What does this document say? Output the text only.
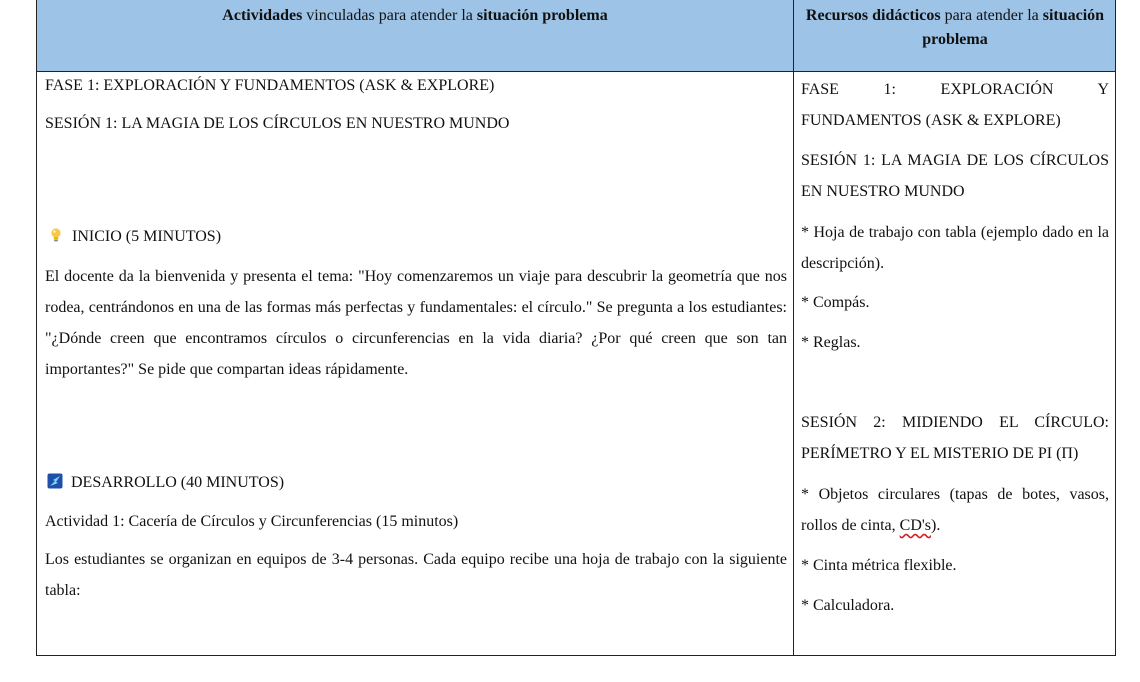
Actividades vinculadas para atender la situación problema	Recursos didácticos para atender la situación problema
FASE 1: EXPLORACIÓN Y FUNDAMENTOS (ASK & EXPLORE)
SESIÓN 1: LA MAGIA DE LOS CÍRCULOS EN NUESTRO MUNDO
INICIO (5 MINUTOS)
El docente da la bienvenida y presenta el tema: "Hoy comenzaremos un viaje para descubrir la geometría que nos rodea, centrándonos en una de las formas más perfectas y fundamentales: el círculo." Se pregunta a los estudiantes: "¿Dónde creen que encontramos círculos o circunferencias en la vida diaria? ¿Por qué creen que son tan importantes?" Se pide que compartan ideas rápidamente.
DESARROLLO (40 MINUTOS)
Actividad 1: Cacería de Círculos y Circunferencias (15 minutos)
Los estudiantes se organizan en equipos de 3-4 personas. Cada equipo recibe una hoja de trabajo con la siguiente tabla:
FASE 1: EXPLORACIÓN Y FUNDAMENTOS (ASK & EXPLORE)
SESIÓN 1: LA MAGIA DE LOS CÍRCULOS EN NUESTRO MUNDO
* Hoja de trabajo con tabla (ejemplo dado en la descripción).
* Compás.
* Reglas.
SESIÓN 2: MIDIENDO EL CÍRCULO: PERÍMETRO Y EL MISTERIO DE PI (Π)
* Objetos circulares (tapas de botes, vasos, rollos de cinta, CD's).
* Cinta métrica flexible.
* Calculadora.
